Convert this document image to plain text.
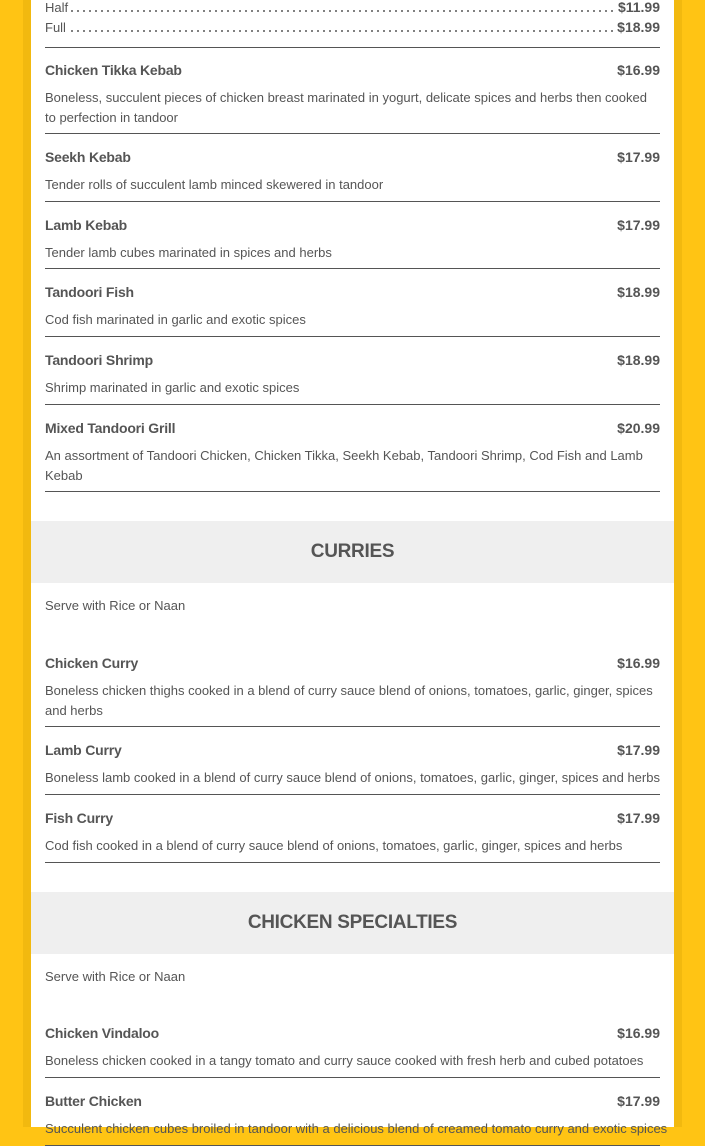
Half	$11.99
Full	$18.99
Chicken Tikka Kebab	$16.99
Boneless, succulent pieces of chicken breast marinated in yogurt, delicate spices and herbs then cooked to perfection in tandoor
Seekh Kebab	$17.99
Tender rolls of succulent lamb minced skewered in tandoor
Lamb Kebab	$17.99
Tender lamb cubes marinated in spices and herbs
Tandoori Fish	$18.99
Cod fish marinated in garlic and exotic spices
Tandoori Shrimp	$18.99
Shrimp marinated in garlic and exotic spices
Mixed Tandoori Grill	$20.99
An assortment of Tandoori Chicken, Chicken Tikka, Seekh Kebab, Tandoori Shrimp, Cod Fish and Lamb Kebab
CURRIES
Serve with Rice or Naan
Chicken Curry	$16.99
Boneless chicken thighs cooked in a blend of curry sauce blend of onions, tomatoes, garlic, ginger, spices and herbs
Lamb Curry	$17.99
Boneless lamb cooked in a blend of curry sauce blend of onions, tomatoes, garlic, ginger, spices and herbs
Fish Curry	$17.99
Cod fish cooked in a blend of curry sauce blend of onions, tomatoes, garlic, ginger, spices and herbs
CHICKEN SPECIALTIES
Serve with Rice or Naan
Chicken Vindaloo	$16.99
Boneless chicken cooked in a tangy tomato and curry sauce cooked with fresh herb and cubed potatoes
Butter Chicken	$17.99
Succulent chicken cubes broiled in tandoor with a delicious blend of creamed tomato curry and exotic spices
